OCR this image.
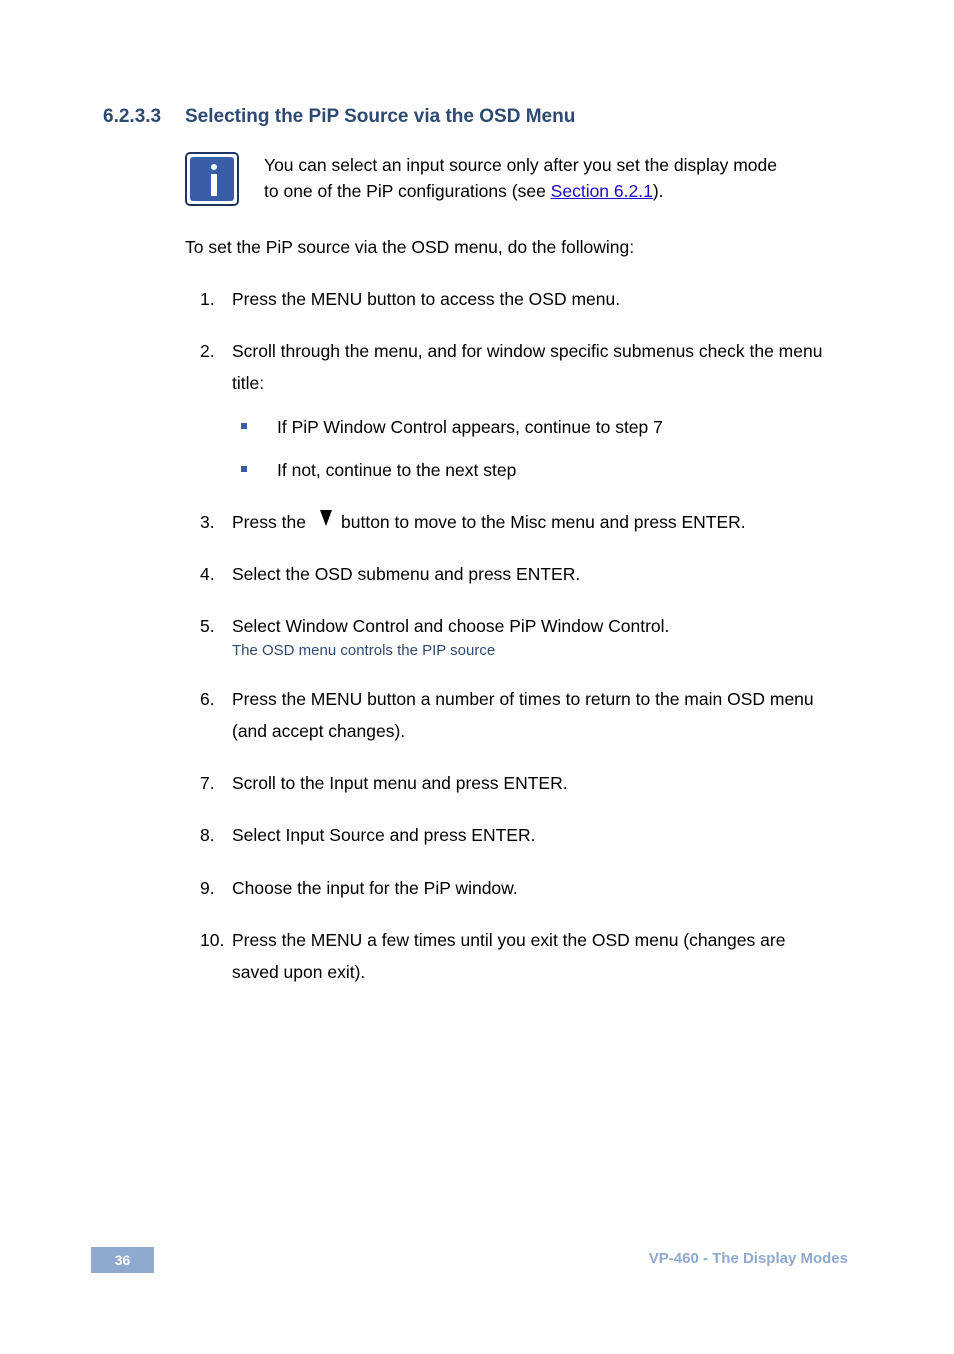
6.2.3.3 Selecting the PiP Source via the OSD Menu
You can select an input source only after you set the display mode
to one of the PiP configurations (see Section 6.2.1).
To set the PiP source via the OSD menu, do the following:
1. Press the MENU button to access the OSD menu.
2. Scroll through the menu, and for window specific submenus check the menu
title:
If PiP Window Control appears, continue to step 7
If not, continue to the next step
3. Press the button to move to the Misc menu and press ENTER.
4. Select the OSD submenu and press ENTER.
5. Select Window Control and choose PiP Window Control.
The OSD menu controls the PIP source
6. Press the MENU button a number of times to return to the main OSD menu
(and accept changes).
7. Scroll to the Input menu and press ENTER.
8. Select Input Source and press ENTER.
9. Choose the input for the PiP window.
10. Press the MENU a few times until you exit the OSD menu (changes are
saved upon exit).
36	VP-460 - The Display Modes
